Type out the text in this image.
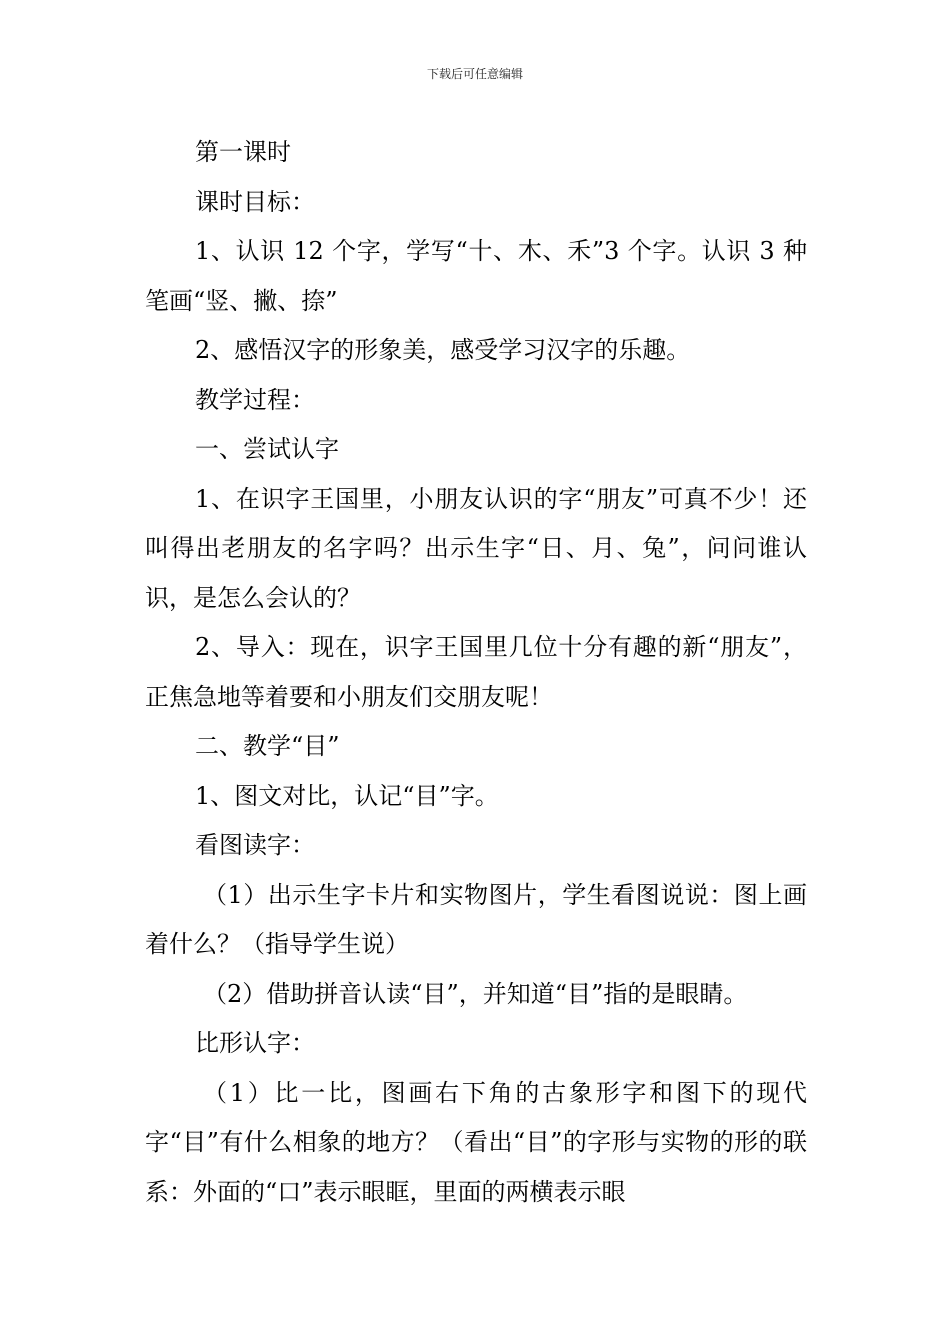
下载后可任意编辑

第一课时

课时目标：

1、认识 12 个字，学写“十、木、禾”3 个字。认识 3 种笔画“竖、撇、捺”

2、感悟汉字的形象美，感受学习汉字的乐趣。

教学过程：

一、尝试认字

1、在识字王国里，小朋友认识的字“朋友”可真不少！还叫得出老朋友的名字吗？出示生字“日、月、兔”，问问谁认识，是怎么会认的？

2、导入：现在，识字王国里几位十分有趣的新“朋友”，正焦急地等着要和小朋友们交朋友呢！

二、教学“目”

1、图文对比，认记“目”字。

看图读字：

（1）出示生字卡片和实物图片，学生看图说说：图上画着什么？（指导学生说）

（2）借助拼音认读“目”，并知道“目”指的是眼睛。

比形认字：

（1）比一比，图画右下角的古象形字和图下的现代字“目”有什么相象的地方？（看出“目”的字形与实物的形的联系：外面的“口”表示眼眶，里面的两横表示眼
